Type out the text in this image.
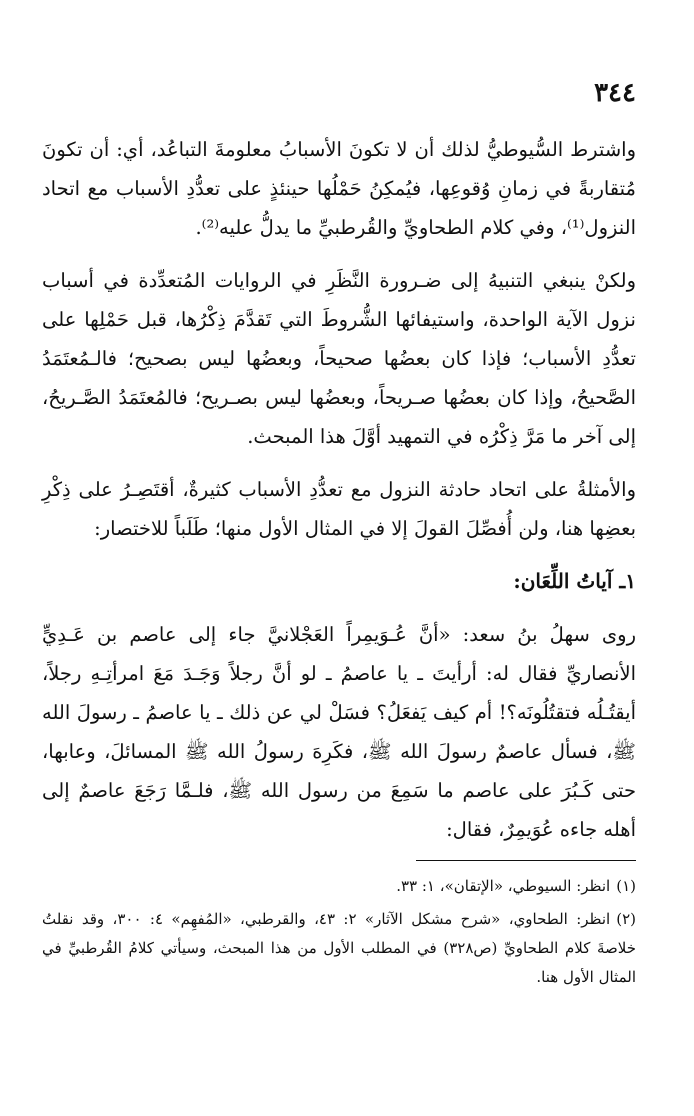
٣٤٤

واشترط السُّيوطيُّ لذلك أن لا تكونَ الأسبابُ معلومةَ التباعُد، أي: أن تكونَ مُتقاربةً في زمانِ وُقوعِها، فيُمكِنُ حَمْلُها حينئذٍ على تعدُّدِ الأسباب مع اتحاد النزول⁽¹⁾، وفي كلام الطحاويِّ والقُرطبيِّ ما يدلُّ عليه⁽²⁾.

ولكنْ ينبغي التنبيهُ إلى ضـرورة النَّظَرِ في الروايات المُتعدِّدة في أسباب نزول الآية الواحدة، واستيفائها الشُّروطَ التي تَقدَّمَ ذِكْرُها، قبل حَمْلِها على تعدُّدِ الأسباب؛ فإذا كان بعضُها صحيحاً، وبعضُها ليس بصحيح؛ فالـمُعتَمَدُ الصَّحيحُ، وإذا كان بعضُها صـريحاً، وبعضُها ليس بصـريح؛ فالمُعتَمَدُ الصَّـريحُ، إلى آخر ما مَرَّ ذِكْرُه في التمهيد أوَّلَ هذا المبحث.

والأمثلةُ على اتحاد حادثة النزول مع تعدُّدِ الأسباب كثيرةٌ، أقتَصِـرُ على ذِكْرِ بعضِها هنا، ولن أُفصِّلَ القولَ إلا في المثال الأول منها؛ طَلَباً للاختصار:

١ـ آياتُ اللِّعَان:

روى سهلُ بنُ سعد: «أنَّ عُـوَيمِراً العَجْلانيَّ جاء إلى عاصم بن عَـدِيٍّ الأنصاريِّ فقال له: أرأيتَ ـ يا عاصمُ ـ لو أنَّ رجلاً وَجَـدَ مَعَ امرأتِـهِ رجلاً، أيقتُـلُه فتقتُلُونَه؟! أم كيف يَفعَلُ؟ فسَلْ لي عن ذلك ـ يا عاصمُ ـ رسولَ الله ﷺ، فسأل عاصمٌ رسولَ الله ﷺ، فكَرِهَ رسولُ الله ﷺ المسائلَ، وعابها، حتى كَـبُرَ على عاصم ما سَمِعَ من رسول الله ﷺ، فلـمَّا رَجَعَ عاصمٌ إلى أهله جاءه عُوَيمِرٌ، فقال:

(١)انظر: السيوطي، «الإتقان»، ١: ٣٣.

(٢)انظر: الطحاوي، «شرح مشكل الآثار» ٢: ٤٣، والقرطبي، «المُفهِم» ٤: ٣٠٠، وقد نقلتُ خلاصةَ كلام الطحاويِّ (ص٣٢٨) في المطلب الأول من هذا المبحث، وسيأتي كلامُ القُرطبيِّ في المثال الأول هنا.
